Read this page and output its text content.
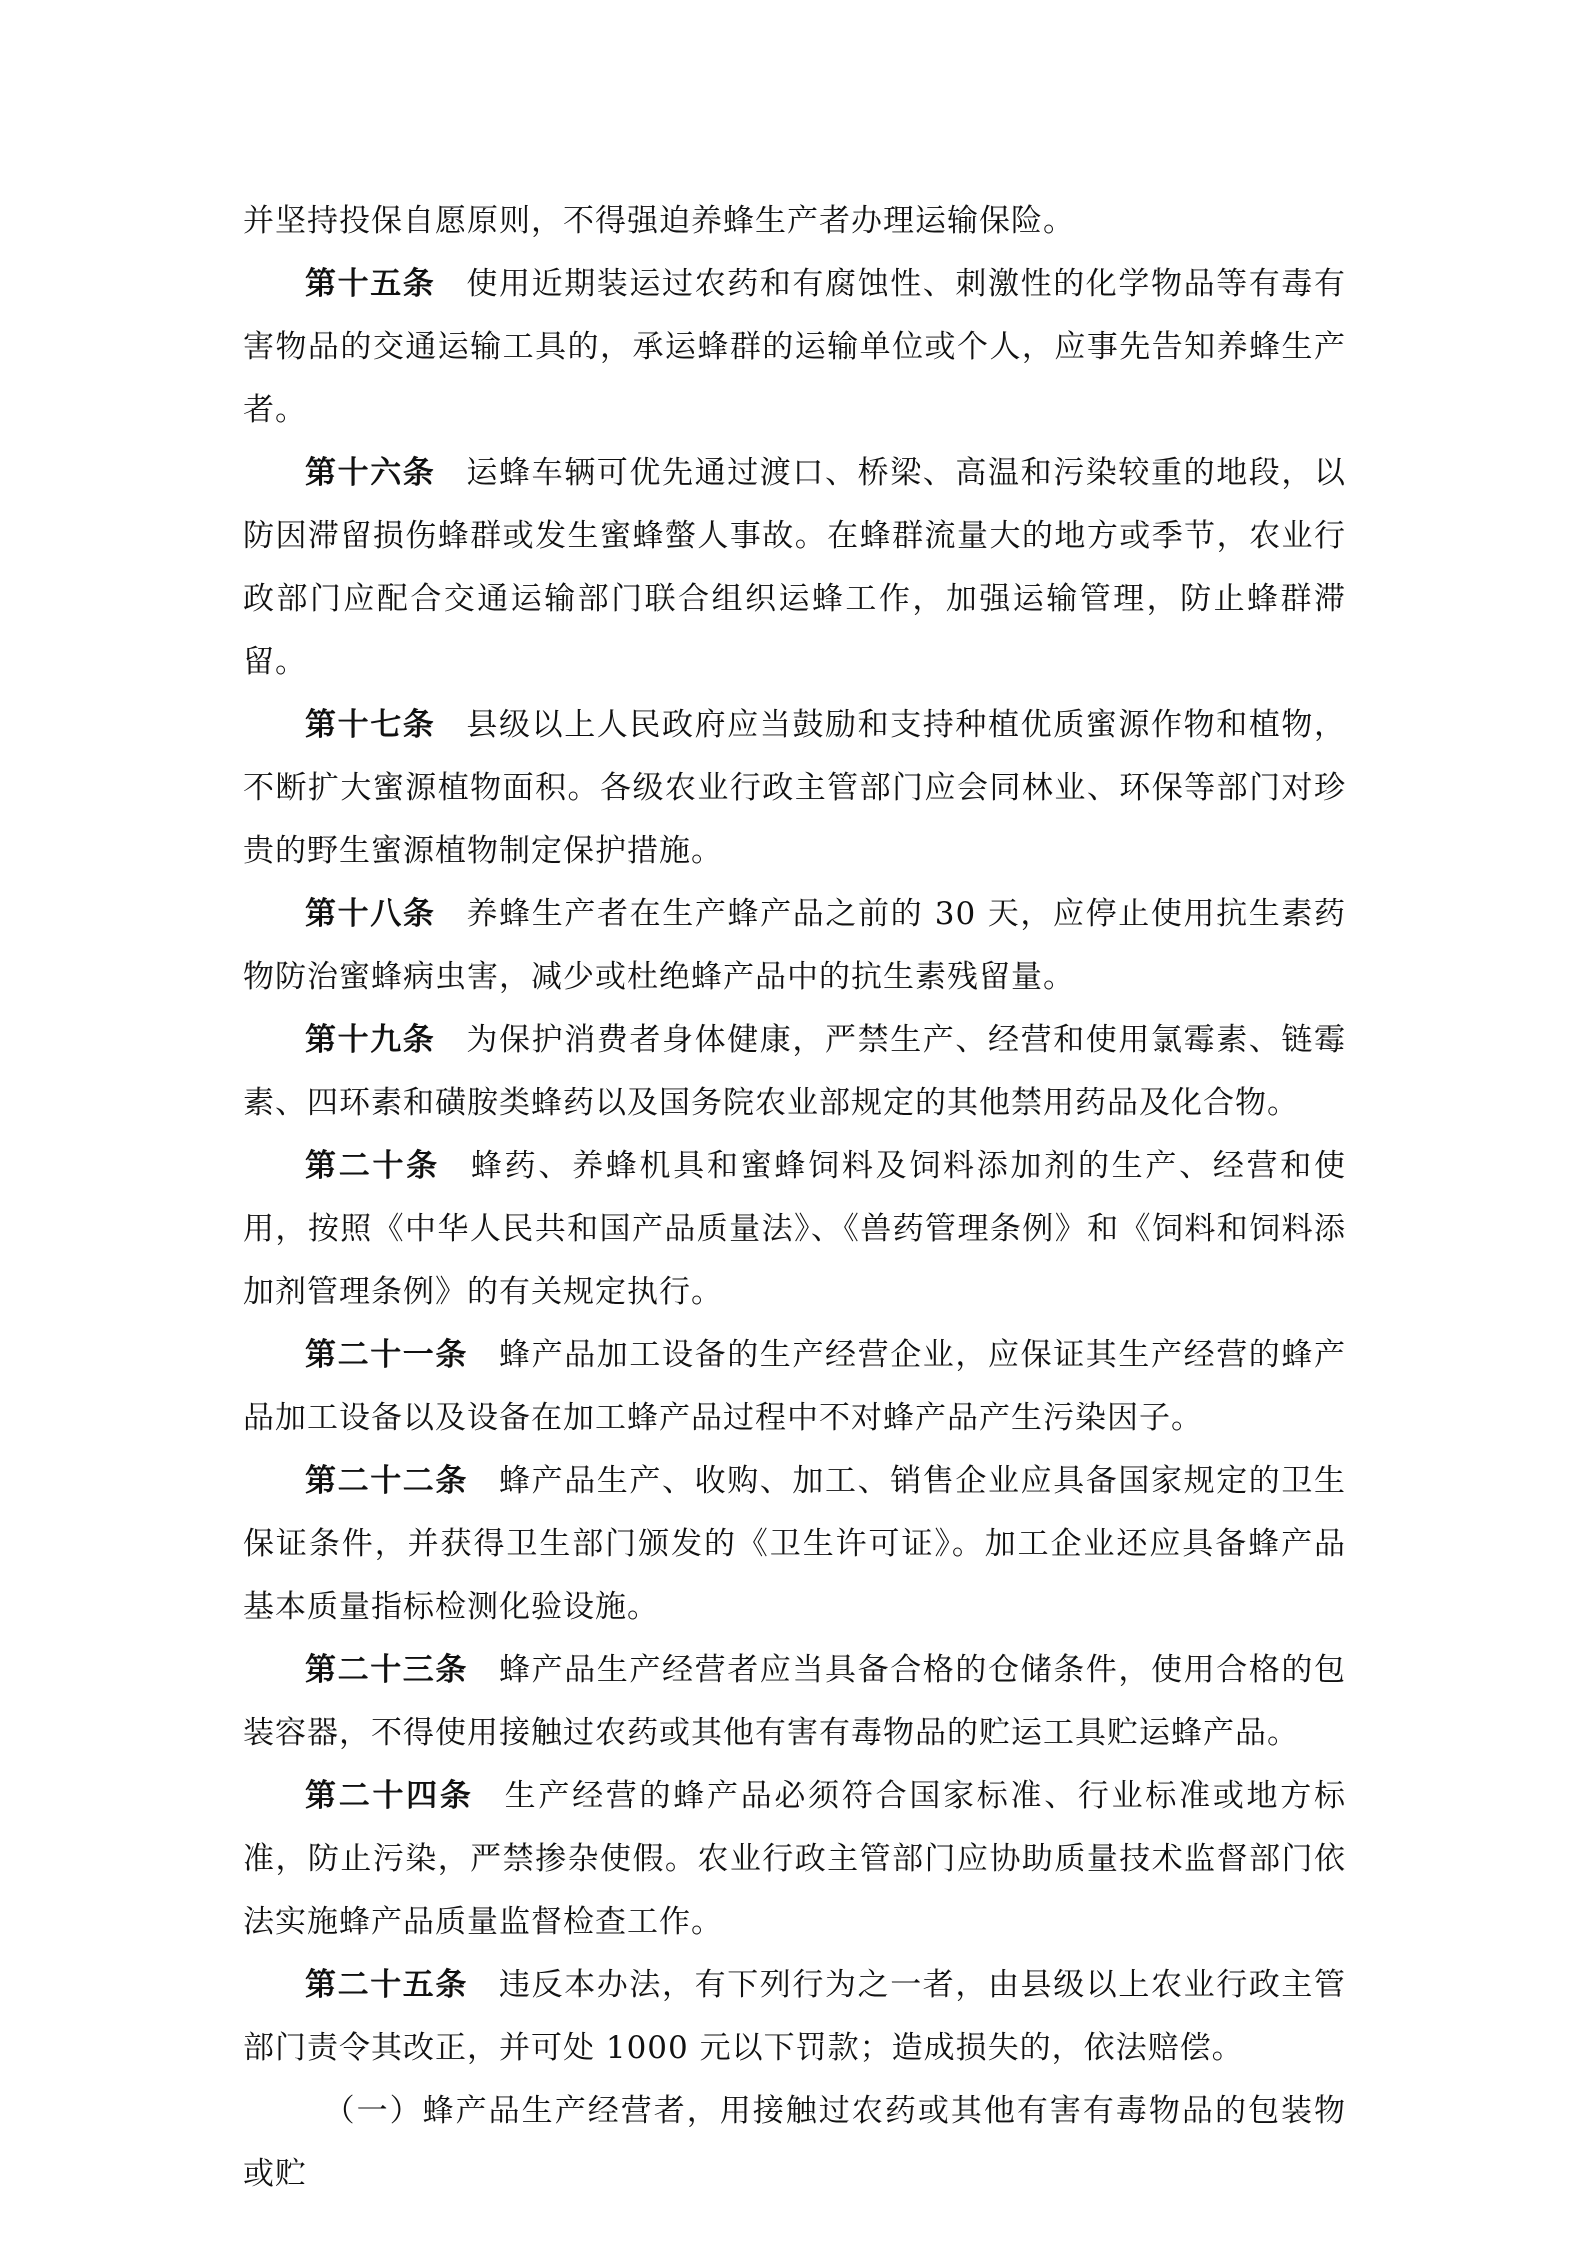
并坚持投保自愿原则，不得强迫养蜂生产者办理运输保险。

第十五条 使用近期装运过农药和有腐蚀性、刺激性的化学物品等有毒有害物品的交通运输工具的，承运蜂群的运输单位或个人，应事先告知养蜂生产者。

第十六条 运蜂车辆可优先通过渡口、桥梁、高温和污染较重的地段，以防因滞留损伤蜂群或发生蜜蜂螫人事故。在蜂群流量大的地方或季节，农业行政部门应配合交通运输部门联合组织运蜂工作，加强运输管理，防止蜂群滞留。

第十七条 县级以上人民政府应当鼓励和支持种植优质蜜源作物和植物，不断扩大蜜源植物面积。各级农业行政主管部门应会同林业、环保等部门对珍贵的野生蜜源植物制定保护措施。

第十八条 养蜂生产者在生产蜂产品之前的 30 天，应停止使用抗生素药物防治蜜蜂病虫害，减少或杜绝蜂产品中的抗生素残留量。

第十九条 为保护消费者身体健康，严禁生产、经营和使用氯霉素、链霉素、四环素和磺胺类蜂药以及国务院农业部规定的其他禁用药品及化合物。

第二十条 蜂药、养蜂机具和蜜蜂饲料及饲料添加剂的生产、经营和使用，按照《中华人民共和国产品质量法》、《兽药管理条例》和《饲料和饲料添加剂管理条例》的有关规定执行。

第二十一条 蜂产品加工设备的生产经营企业，应保证其生产经营的蜂产品加工设备以及设备在加工蜂产品过程中不对蜂产品产生污染因子。

第二十二条 蜂产品生产、收购、加工、销售企业应具备国家规定的卫生保证条件，并获得卫生部门颁发的《卫生许可证》。加工企业还应具备蜂产品基本质量指标检测化验设施。

第二十三条 蜂产品生产经营者应当具备合格的仓储条件，使用合格的包装容器，不得使用接触过农药或其他有害有毒物品的贮运工具贮运蜂产品。

第二十四条 生产经营的蜂产品必须符合国家标准、行业标准或地方标准，防止污染，严禁掺杂使假。农业行政主管部门应协助质量技术监督部门依法实施蜂产品质量监督检查工作。

第二十五条 违反本办法，有下列行为之一者，由县级以上农业行政主管部门责令其改正，并可处 1000 元以下罚款；造成损失的，依法赔偿。

（一）蜂产品生产经营者，用接触过农药或其他有害有毒物品的包装物或贮
